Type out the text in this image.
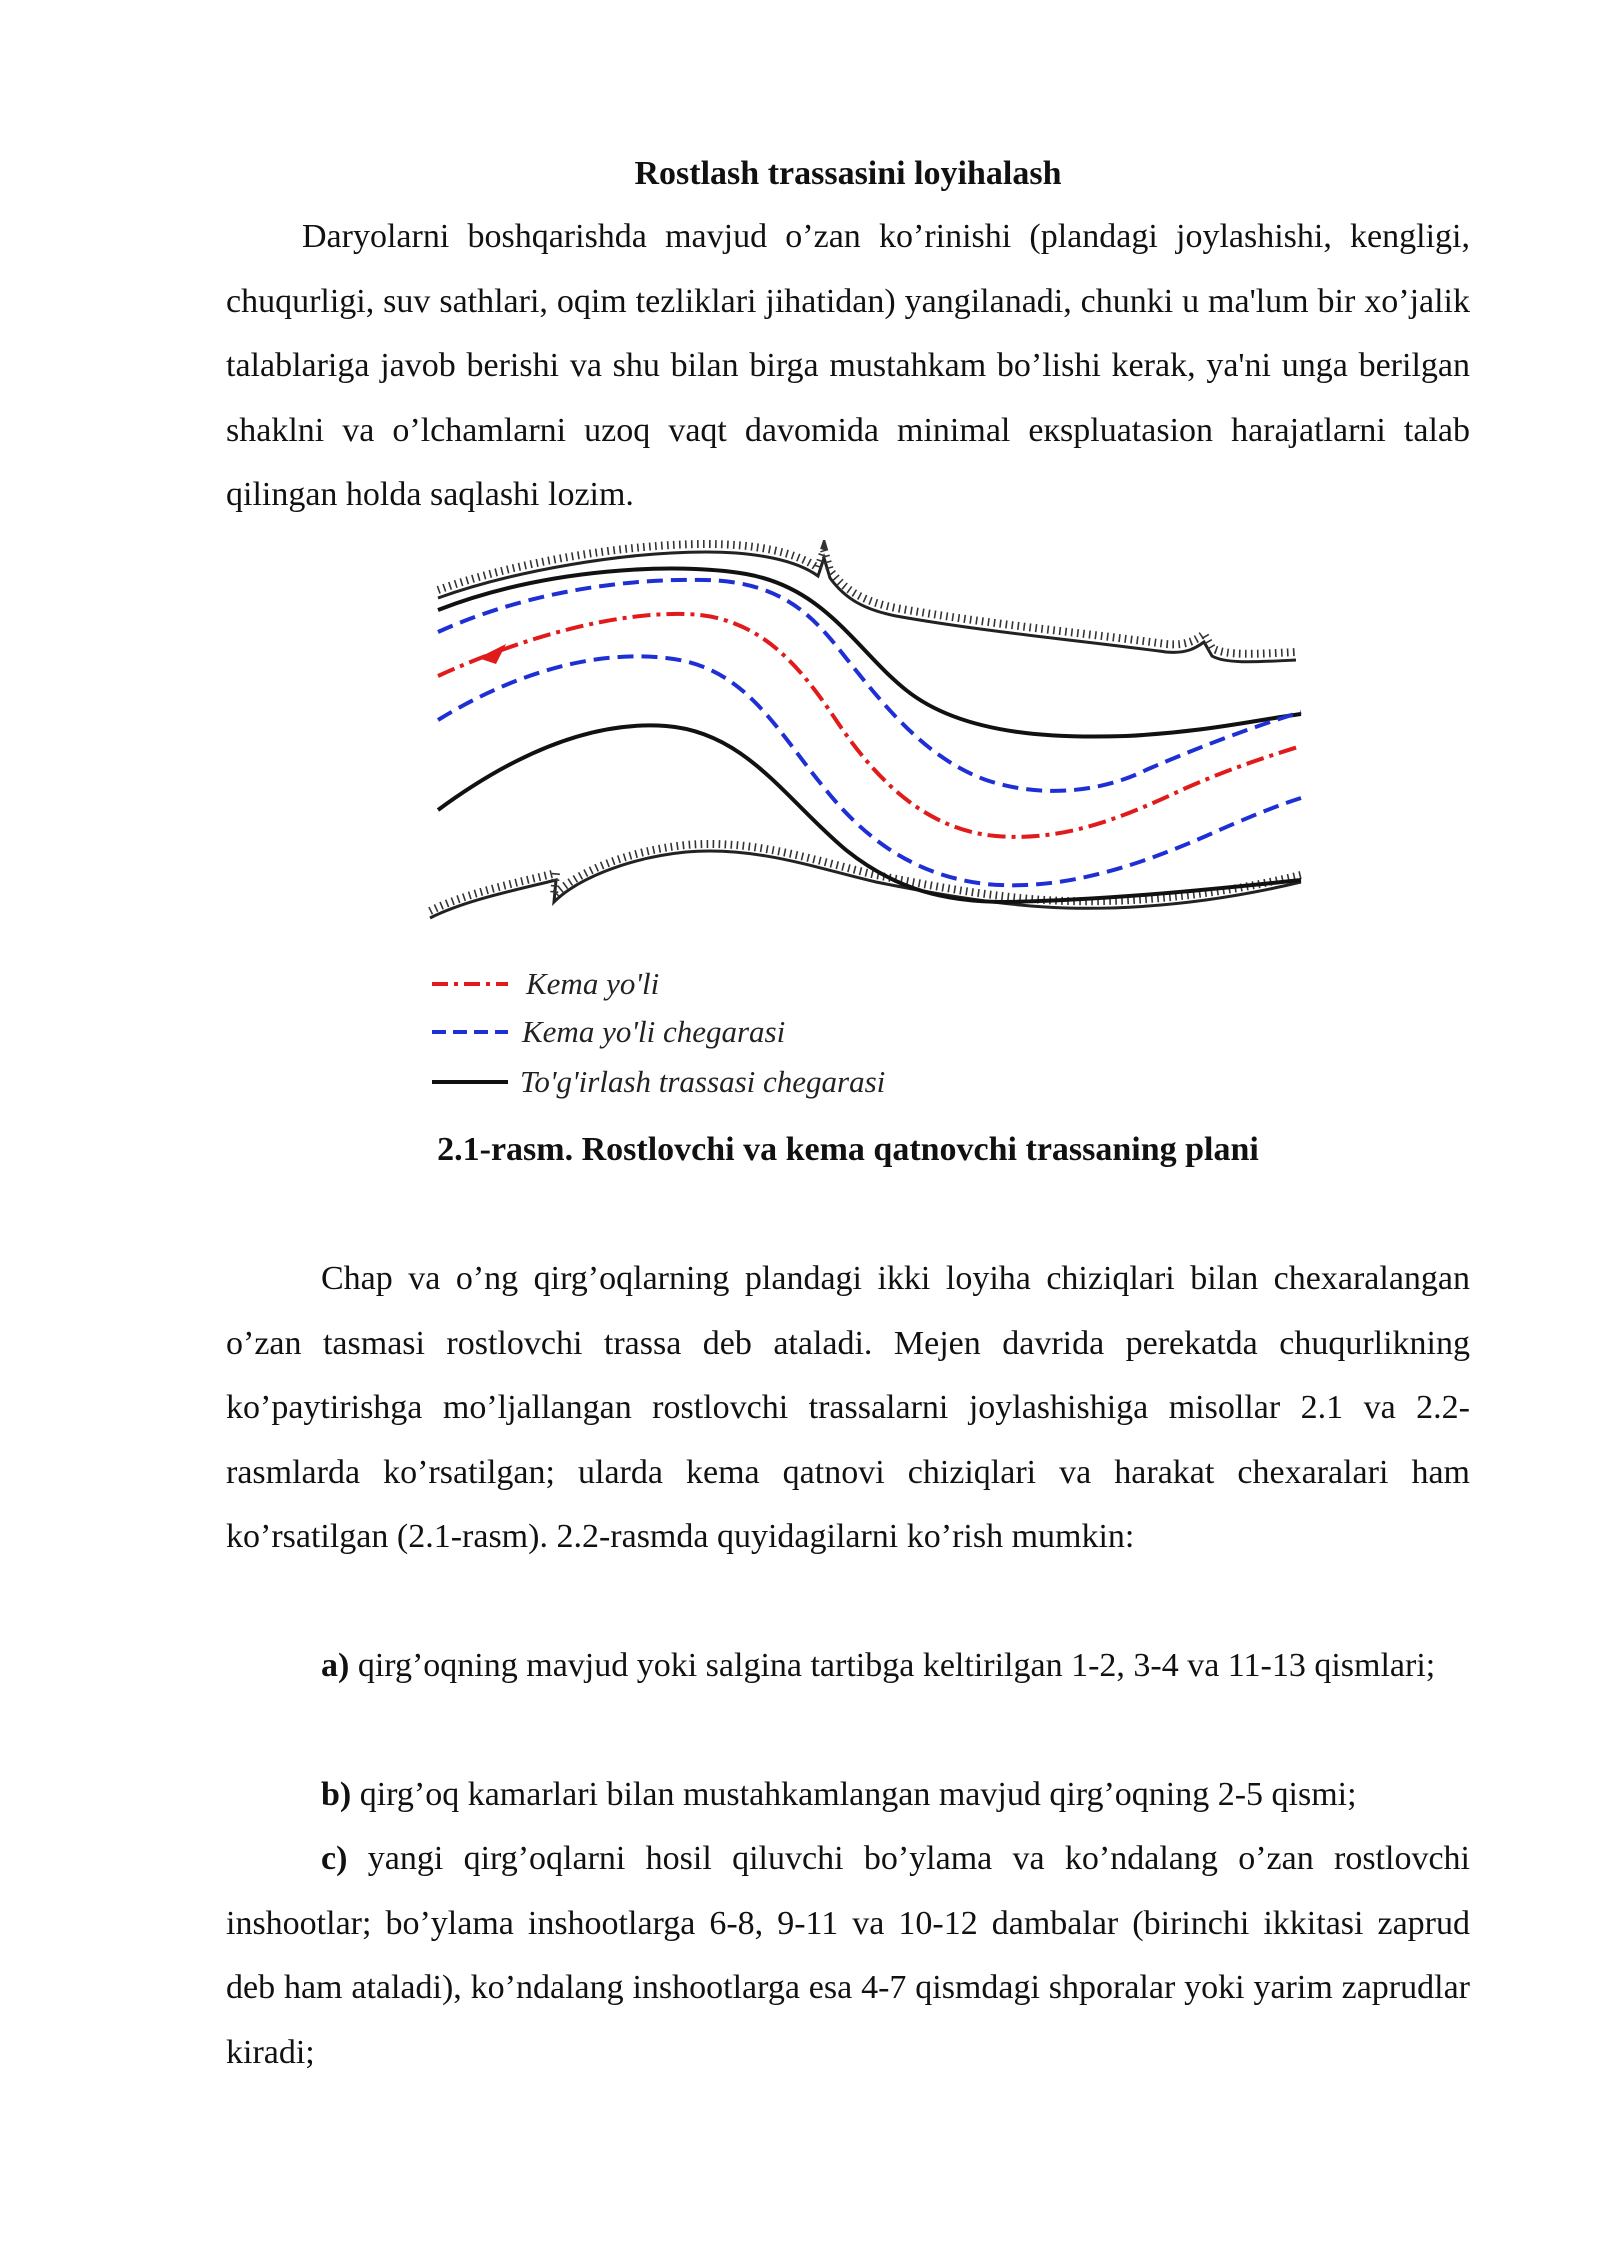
Rostlash trassasini loyihalash

Daryolarni boshqarishda mavjud o’zan ko’rinishi (plandagi joylashishi, kengligi, chuqurligi, suv sathlari, oqim tezliklari jihatidan) yangilanadi, chunki u ma'lum bir xo’jalik talablariga javob berishi va shu bilan birga mustahkam bo’lishi kerak, ya'ni unga berilgan shaklni va o’lchamlarni uzoq vaqt davomida minimal eкspluatasion harajatlarni talab qilingan holda saqlashi lozim.

Kema yo'li
Kema yo'li chegarasi
To'g'irlash trassasi chegarasi
2.1-rasm. Rostlovchi va kema qatnovchi trassaning plani

Chap va o’ng qirg’oqlarning plandagi ikki loyiha chiziqlari bilan chexaralangan o’zan tasmasi rostlovchi trassa deb ataladi. Mejen davrida perekatda chuqurlikning ko’paytirishga mo’ljallangan rostlovchi trassalarni joylashishiga misollar 2.1 va 2.2-rasmlarda ko’rsatilgan; ularda kema qatnovi chiziqlari va harakat chexaralari ham ko’rsatilgan (2.1-rasm). 2.2-rasmda quyidagilarni ko’rish mumkin:

a) qirg’oqning mavjud yoki salgina tartibga keltirilgan 1-2, 3-4 va 11-13 qismlari;

b) qirg’oq kamarlari bilan mustahkamlangan mavjud qirg’oqning 2-5 qismi;

c) yangi qirg’oqlarni hosil qiluvchi bo’ylama va ko’ndalang o’zan rostlovchi inshootlar; bo’ylama inshootlarga 6-8, 9-11 va 10-12 dambalar (birinchi ikkitasi zaprud deb ham ataladi), ko’ndalang inshootlarga esa 4-7 qismdagi shporalar yoki yarim zaprudlar kiradi;
